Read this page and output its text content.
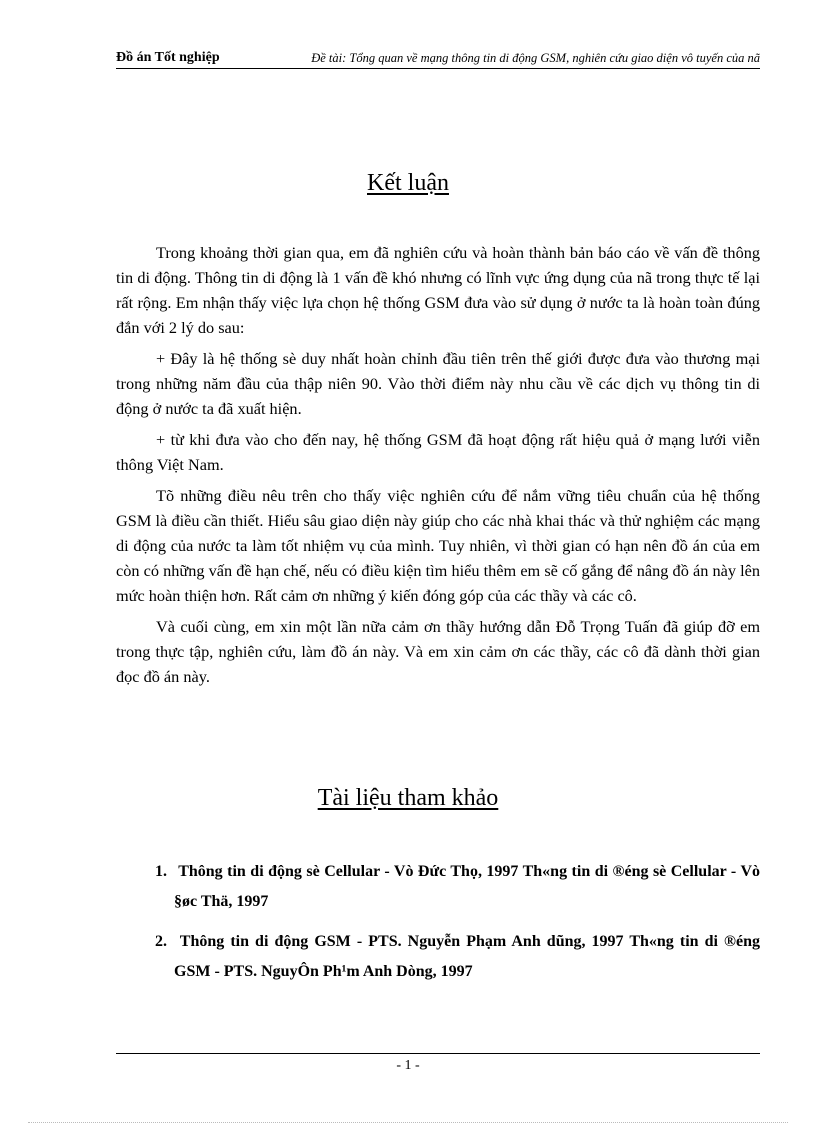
Đồ án Tốt nghiệp	Đề tài: Tổng quan về mạng thông tin di động GSM, nghiên cứu giao diện vô tuyến của nã
Kết luận

Trong khoảng thời gian qua, em đã nghiên cứu và hoàn thành bản báo cáo về vấn đề thông tin di động. Thông tin di động là 1 vấn đề khó nhưng có lĩnh vực ứng dụng của nã trong thực tế lại rất rộng. Em nhận thấy việc lựa chọn hệ thống GSM đưa vào sử dụng ở nước ta là hoàn toàn đúng đắn với 2 lý do sau:

+ Đây là hệ thống sè duy nhất hoàn chỉnh đầu tiên trên thế giới được đưa vào thương mại trong những năm đầu của thập niên 90. Vào thời điểm này nhu cầu về các dịch vụ thông tin di động ở nước ta đã xuất hiện.

+ từ khi đưa vào cho đến nay, hệ thống GSM đã hoạt động rất hiệu quả ở mạng lưới viễn thông Việt Nam.

Tõ những điều nêu trên cho thấy việc nghiên cứu để nắm vững tiêu chuẩn của hệ thống GSM là điều cần thiết. Hiểu sâu giao diện này giúp cho các nhà khai thác và thử nghiệm các mạng di động của nước ta làm tốt nhiệm vụ của mình. Tuy nhiên, vì thời gian có hạn nên đồ án của em còn có những vấn đề hạn chế, nếu có điều kiện tìm hiểu thêm em sẽ cố gắng để nâng đồ án này lên mức hoàn thiện hơn. Rất cảm ơn những ý kiến đóng góp của các thầy và các cô.

Và cuối cùng, em xin một lần nữa cảm ơn thầy hướng dẫn Đỗ Trọng Tuấn đã giúp đỡ em trong thực tập, nghiên cứu, làm đồ án này. Và em xin cảm ơn các thầy, các cô đã dành thời gian đọc đồ án này.

Tài liệu tham khảo
1. Thông tin di động sè Cellular - Vò Đức Thọ, 1997 Th«ng tin di ®éng sè Cellular - Vò §øc Thä, 1997
2. Thông tin di động GSM - PTS. Nguyễn Phạm Anh dũng, 1997 Th«ng tin di ®éng GSM - PTS. NguyÔn Ph¹m Anh Dòng, 1997
- 1 -
